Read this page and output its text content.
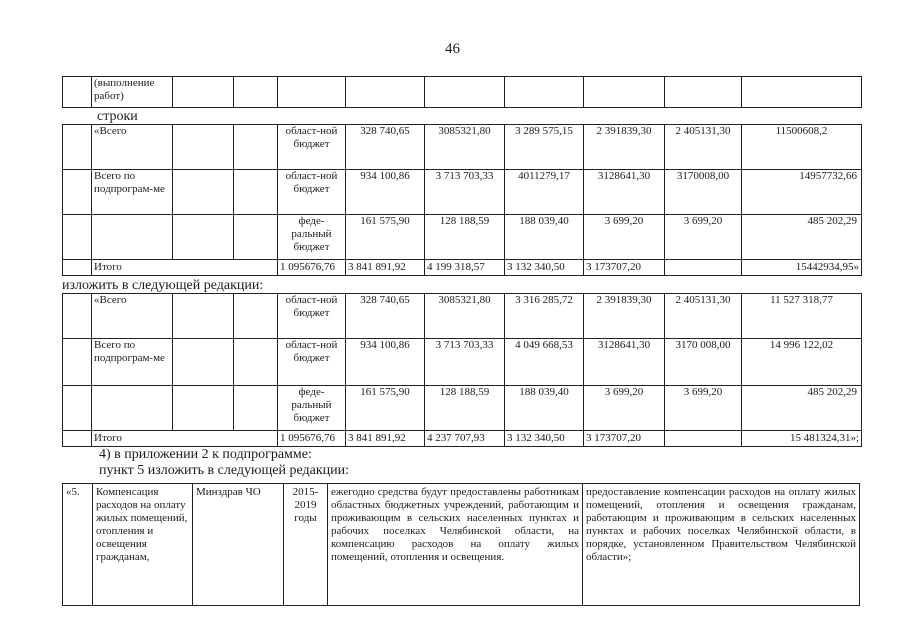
46
	(выполнение работ)									
строки
	«Всего			област-ной бюджет	328 740,65	3085321,80	3 289 575,15	2 391839,30	2 405131,30	11500608,2
	Всего по подпрограм-ме			област-ной бюджет	934 100,86	3 713 703,33	4011279,17	3128641,30	3170008,00	14957732,66
				феде-ральный бюджет	161 575,90	128 188,59	188 039,40	3 699,20	3 699,20	485 202,29
	Итого			1 095676,76	3 841 891,92	4 199 318,57	3 132 340,50	3 173707,20		15442934,95»
изложить в следующей редакции:
	«Всего			област-ной бюджет	328 740,65	3085321,80	3 316 285,72	2 391839,30	2 405131,30	11 527 318,77
	Всего по подпрограм-ме			област-ной бюджет	934 100,86	3 713 703,33	4 049 668,53	3128641,30	3170 008,00	14 996 122,02
				феде-ральный бюджет	161 575,90	128 188,59	188 039,40	3 699,20	3 699,20	485 202,29
	Итого			1 095676,76	3 841 891,92	4 237 707,93	3 132 340,50	3 173707,20		15 481324,31»;
4) в приложении 2 к подпрограмме:
пункт 5 изложить в следующей редакции:
«5.	Компенсация расходов на оплату жилых помещений, отопления и освещения гражданам,	Минздрав ЧО	2015-2019 годы	ежегодно средства будут предоставлены работникам областных бюджетных учреждений, работающим и проживающим в сельских населенных пунктах и рабочих поселках Челябинской области, на компенсацию расходов на оплату жилых помещений, отопления и освещения.	предоставление компенсации расходов на оплату жилых помещений, отопления и освещения гражданам, работающим и проживающим в сельских населенных пунктах и рабочих поселках Челябинской области, в порядке, установленном Правительством Челябинской области»;
